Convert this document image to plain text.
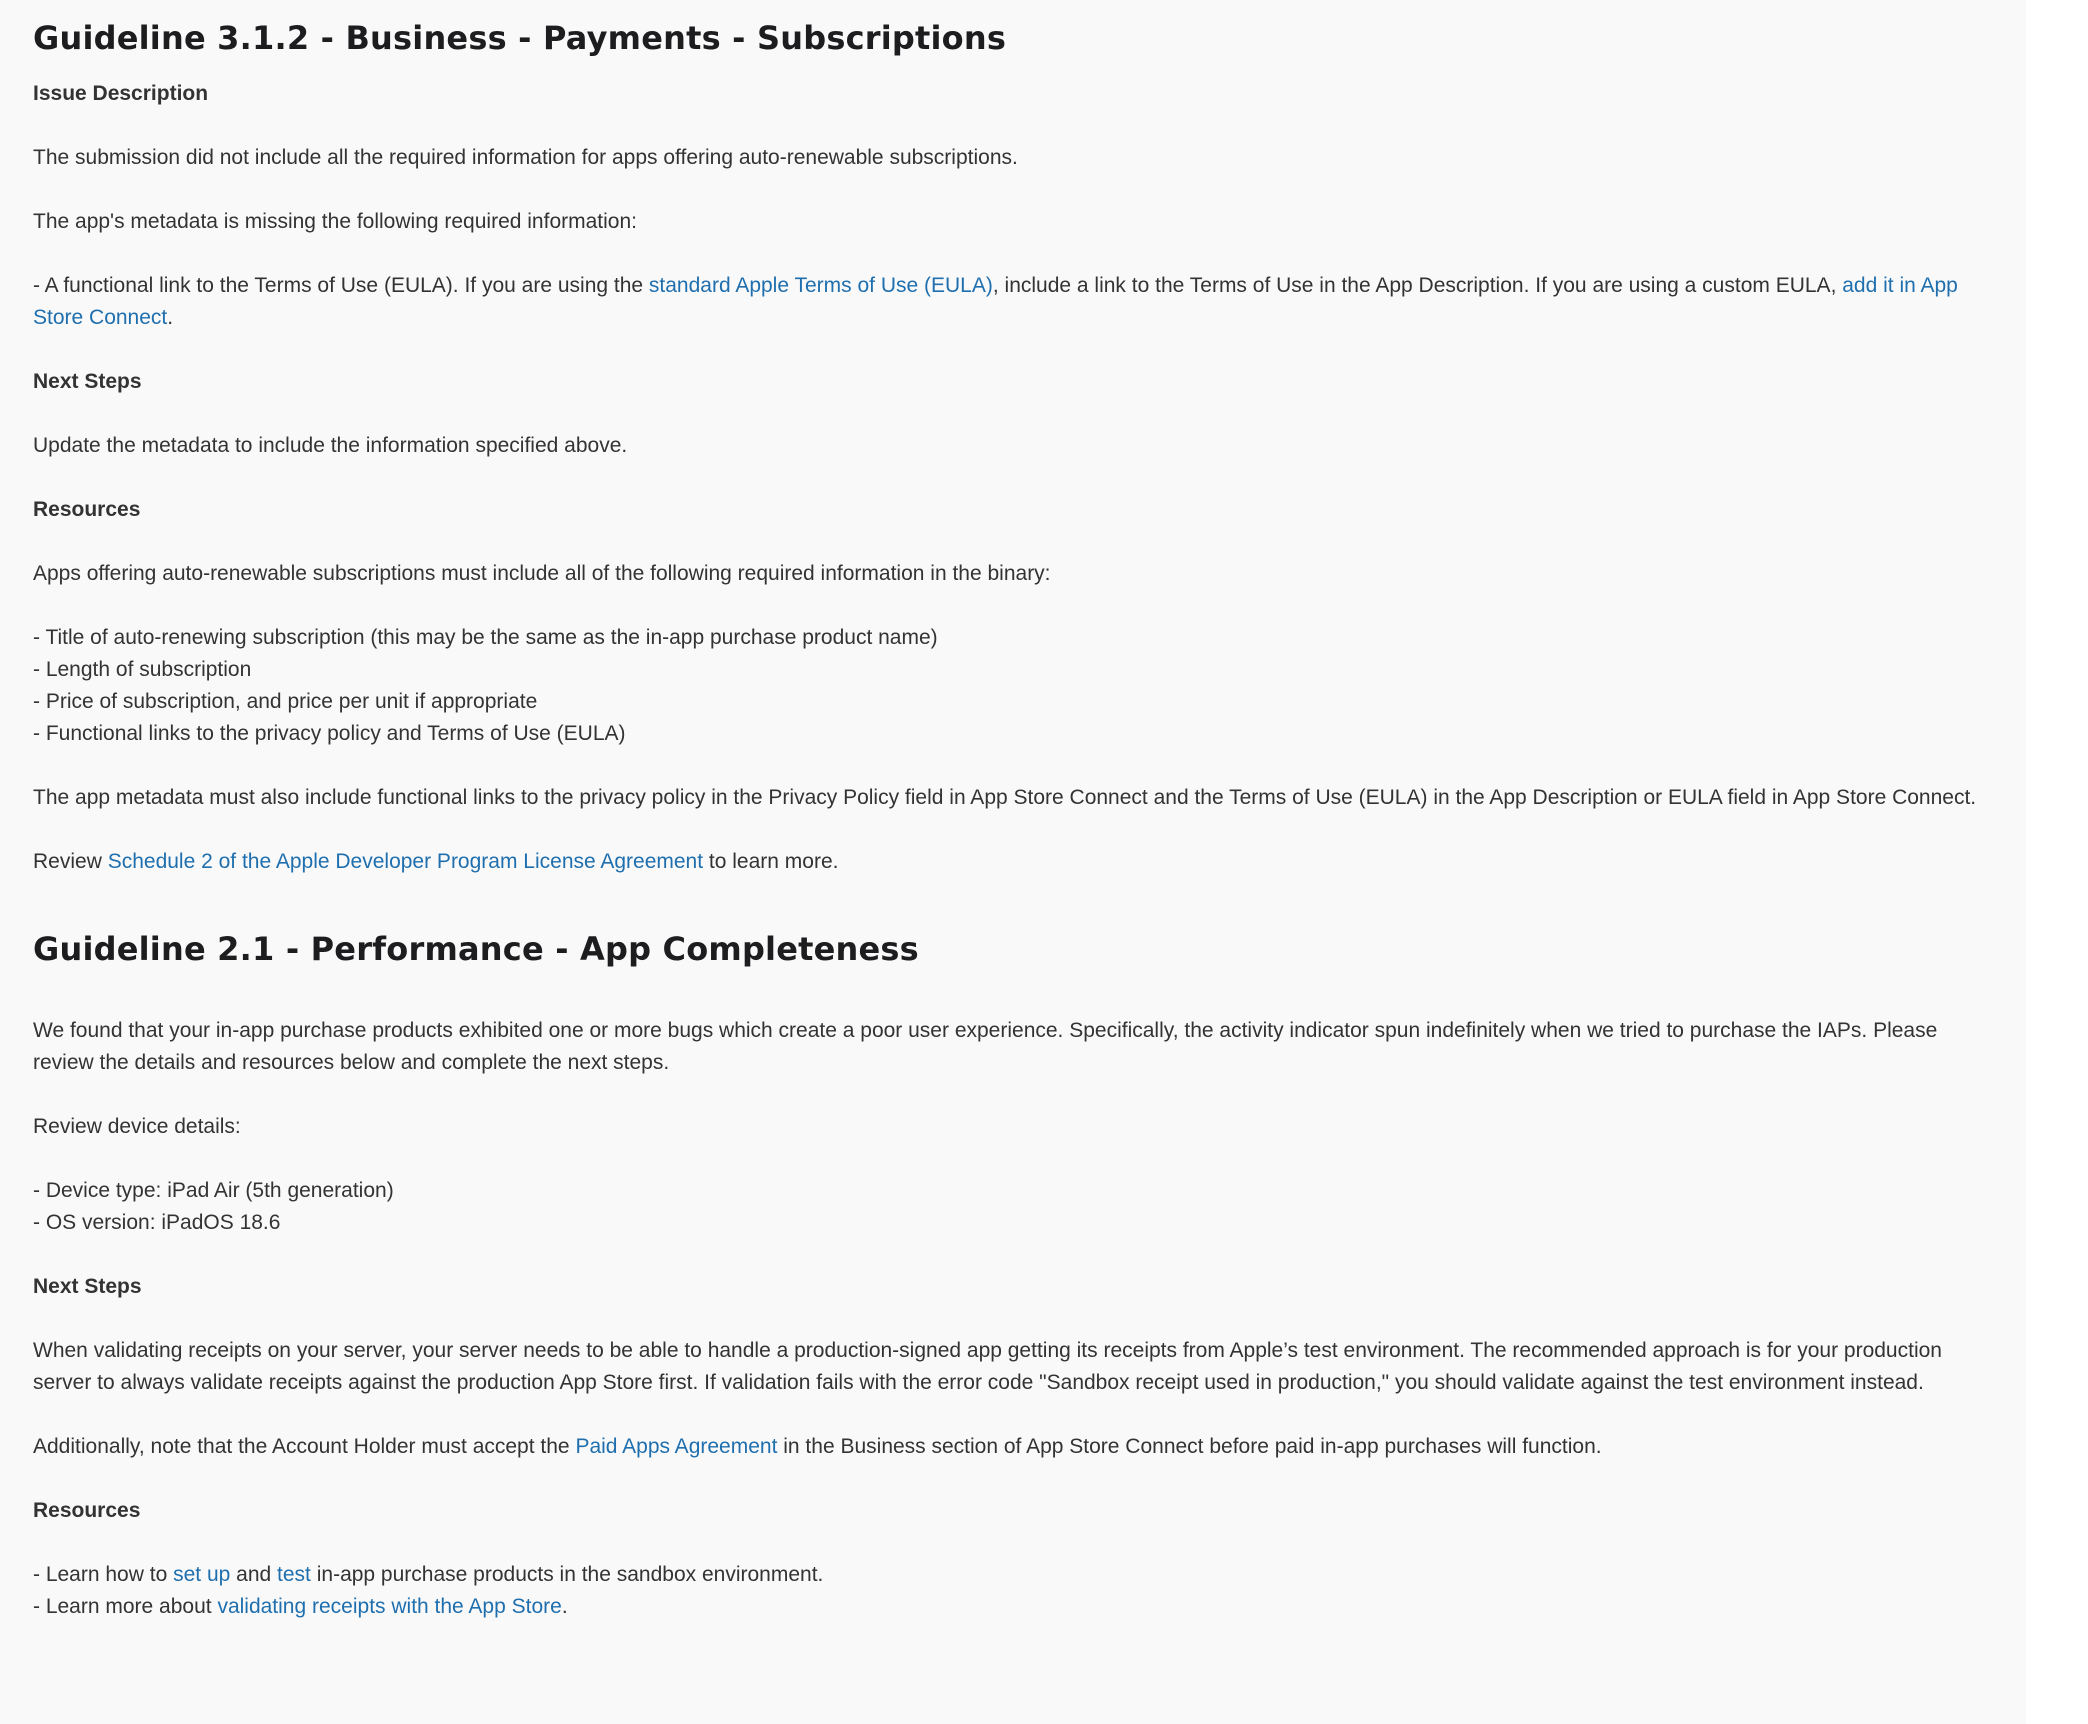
Guideline 3.1.2 - Business - Payments - Subscriptions
Issue Description

The submission did not include all the required information for apps offering auto-renewable subscriptions.

The app's metadata is missing the following required information:

- A functional link to the Terms of Use (EULA). If you are using the standard Apple Terms of Use (EULA), include a link to the Terms of Use in the App Description. If you are using a custom EULA, add it in App Store Connect.

Next Steps

Update the metadata to include the information specified above.

Resources

Apps offering auto-renewable subscriptions must include all of the following required information in the binary:

- Title of auto-renewing subscription (this may be the same as the in-app purchase product name)
- Length of subscription
- Price of subscription, and price per unit if appropriate
- Functional links to the privacy policy and Terms of Use (EULA)

The app metadata must also include functional links to the privacy policy in the Privacy Policy field in App Store Connect and the Terms of Use (EULA) in the App Description or EULA field in App Store Connect.

Review Schedule 2 of the Apple Developer Program License Agreement to learn more.

Guideline 2.1 - Performance - App Completeness

We found that your in-app purchase products exhibited one or more bugs which create a poor user experience. Specifically, the activity indicator spun indefinitely when we tried to purchase the IAPs. Please review the details and resources below and complete the next steps.

Review device details:

- Device type: iPad Air (5th generation)
- OS version: iPadOS 18.6
Next Steps

When validating receipts on your server, your server needs to be able to handle a production-signed app getting its receipts from Apple’s test environment. The recommended approach is for your production server to always validate receipts against the production App Store first. If validation fails with the error code "Sandbox receipt used in production," you should validate against the test environment instead.

Additionally, note that the Account Holder must accept the Paid Apps Agreement in the Business section of App Store Connect before paid in-app purchases will function.

Resources
- Learn how to set up and test in-app purchase products in the sandbox environment.
- Learn more about validating receipts with the App Store.
